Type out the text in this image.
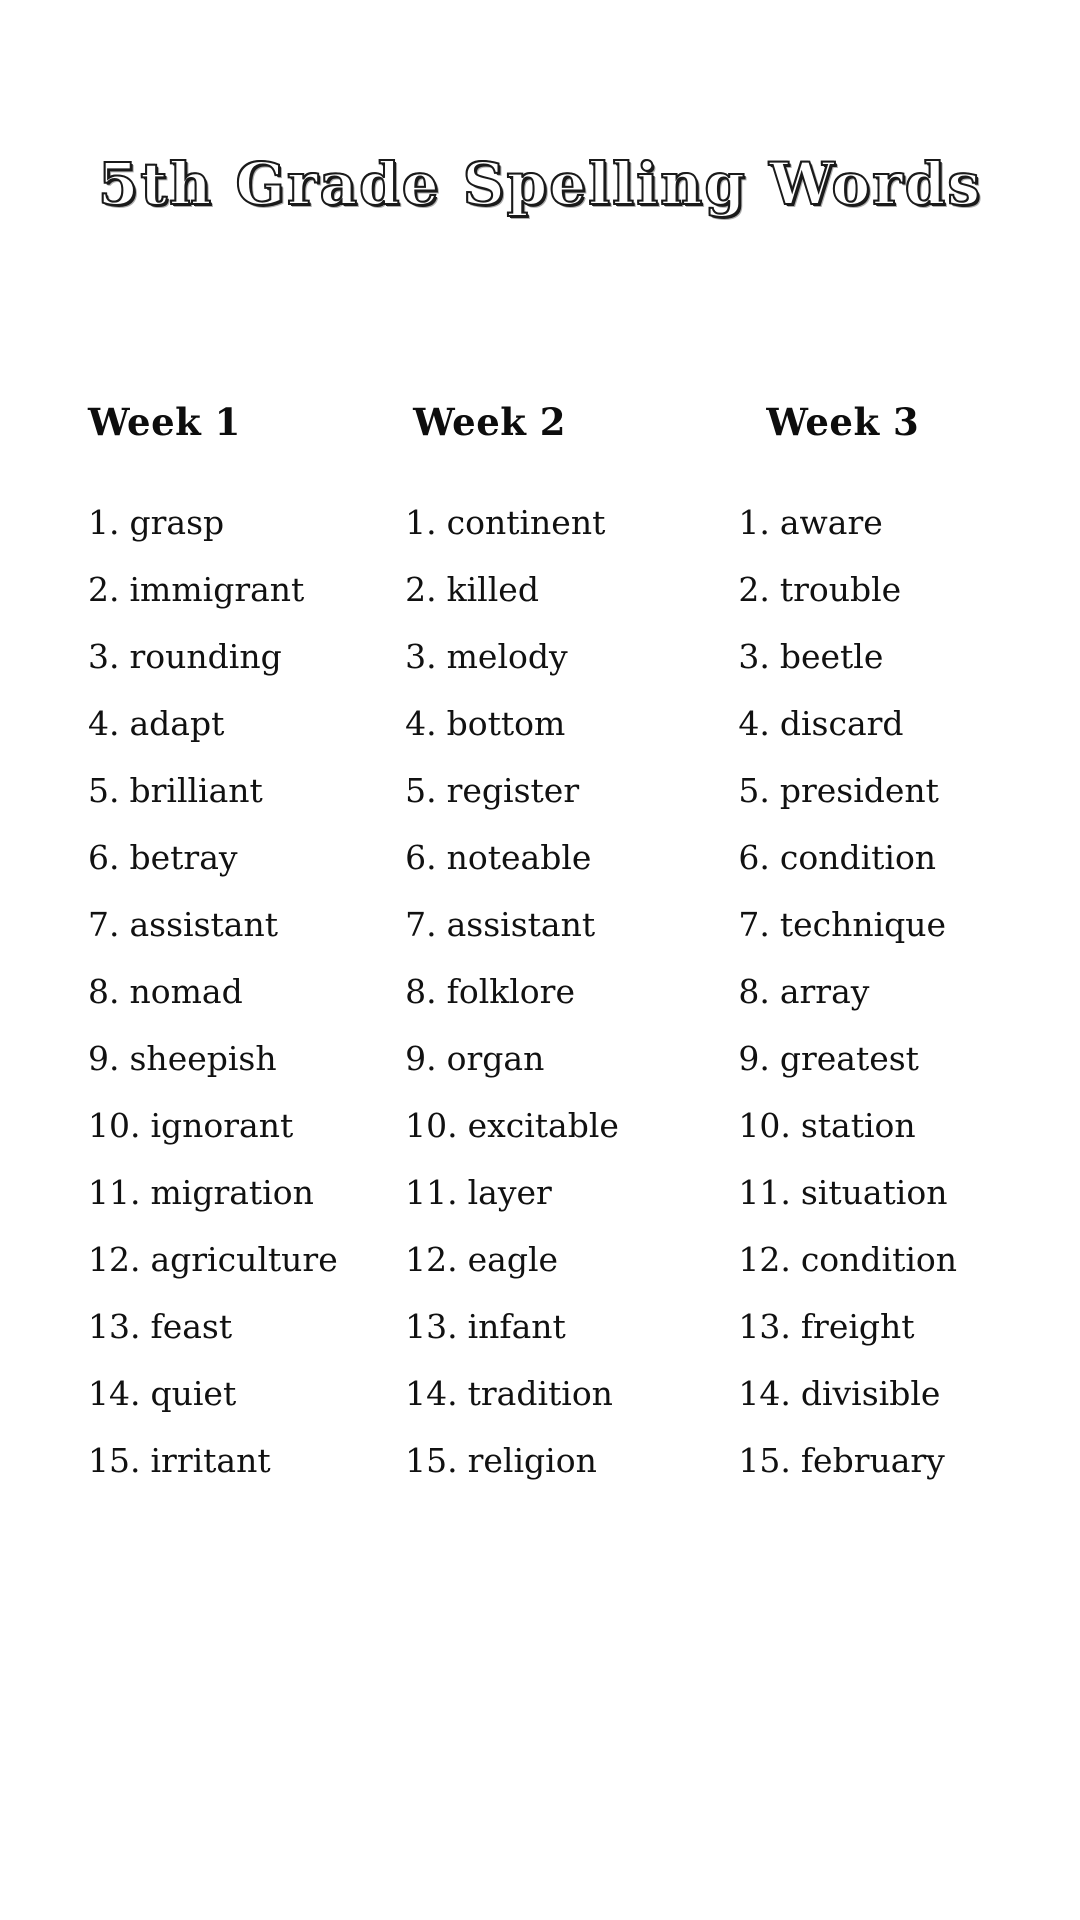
5th Grade Spelling Words
Week 1
1. grasp
2. immigrant
3. rounding
4. adapt
5. brilliant
6. betray
7. assistant
8. nomad
9. sheepish
10. ignorant
11. migration
12. agriculture
13. feast
14. quiet
15. irritant
Week 2
1. continent
2. killed
3. melody
4. bottom
5. register
6. noteable
7. assistant
8. folklore
9. organ
10. excitable
11. layer
12. eagle
13. infant
14. tradition
15. religion
Week 3
1. aware
2. trouble
3. beetle
4. discard
5. president
6. condition
7. technique
8. array
9. greatest
10. station
11. situation
12. condition
13. freight
14. divisible
15. february
